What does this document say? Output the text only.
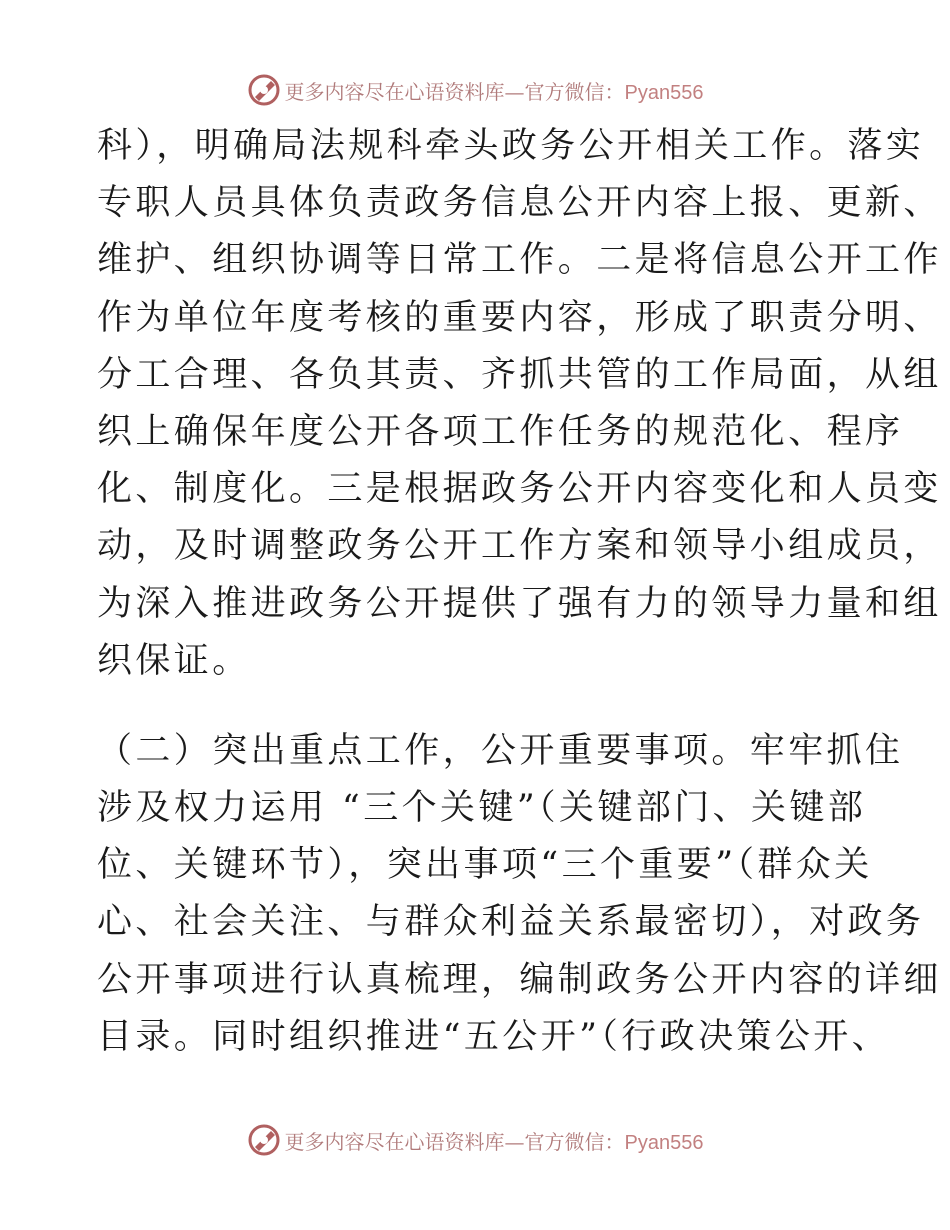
更多内容尽在心语资料库—官方微信：Pyan556
科），明确局法规科牵头政务公开相关工作。落实
专职人员具体负责政务信息公开内容上报、更新、
维护、组织协调等日常工作。二是将信息公开工作
作为单位年度考核的重要内容，形成了职责分明、
分工合理、各负其责、齐抓共管的工作局面，从组
织上确保年度公开各项工作任务的规范化、程序
化、制度化。三是根据政务公开内容变化和人员变
动，及时调整政务公开工作方案和领导小组成员，
为深入推进政务公开提供了强有力的领导力量和组
织保证。
（二）突出重点工作，公开重要事项。牢牢抓住
涉及权力运用 “三个关键”（关键部门、关键部
位、关键环节），突出事项“三个重要”（群众关
心、社会关注、与群众利益关系最密切），对政务
公开事项进行认真梳理，编制政务公开内容的详细
目录。同时组织推进“五公开”（行政决策公开、
更多内容尽在心语资料库—官方微信：Pyan556
